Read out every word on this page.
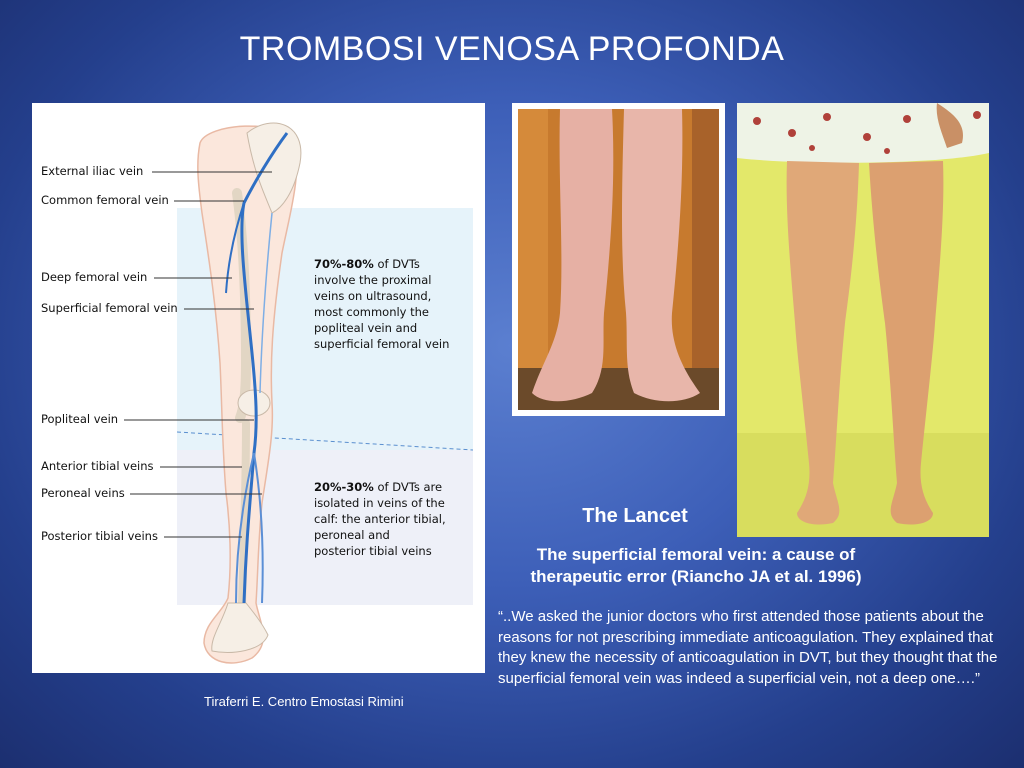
TROMBOSI VENOSA PROFONDA
External iliac vein
Common femoral vein
Deep femoral vein
Superficial femoral vein
Popliteal vein
Anterior tibial veins
Peroneal veins
Posterior tibial veins
70%-80% of DVTs
involve the proximal
veins on ultrasound,
most commonly the
popliteal vein and
superficial femoral vein
20%-30% of DVTs are
isolated in veins of the
calf: the anterior tibial,
peroneal and
posterior tibial veins
The Lancet
The superficial femoral vein: a cause of therapeutic error (Riancho JA et al. 1996)
“..We asked the junior doctors who first attended those patients about the reasons for not prescribing immediate anticoagulation. They explained that they knew the necessity of anticoagulation in DVT, but they thought that the superficial femoral vein was indeed a superficial vein, not a deep one….”
Tiraferri E. Centro Emostasi Rimini
